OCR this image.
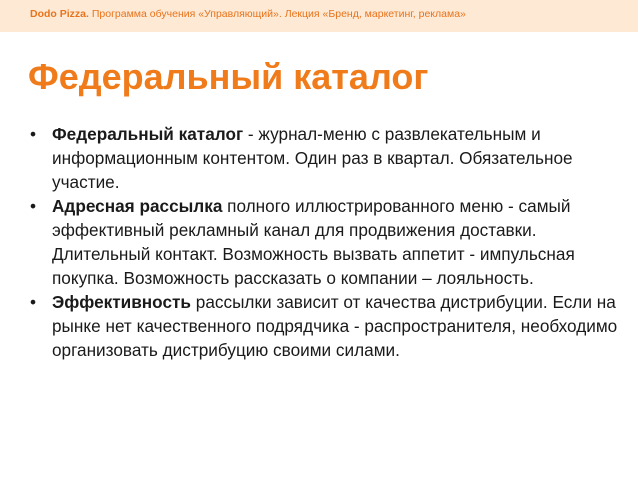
Dodo Pizza. Программа обучения «Управляющий». Лекция «Бренд, маркетинг, реклама»
Федеральный каталог
• Федеральный каталог - журнал-меню с развлекательным и информационным контентом. Один раз в квартал. Обязательное участие.
• Адресная рассылка полного иллюстрированного меню - самый эффективный рекламный канал для продвижения доставки. Длительный контакт. Возможность вызвать аппетит - импульсная покупка. Возможность рассказать о компании – лояльность.
• Эффективность рассылки зависит от качества дистрибуции. Если на рынке нет качественного подрядчика - распространителя, необходимо организовать дистрибуцию своими силами.
